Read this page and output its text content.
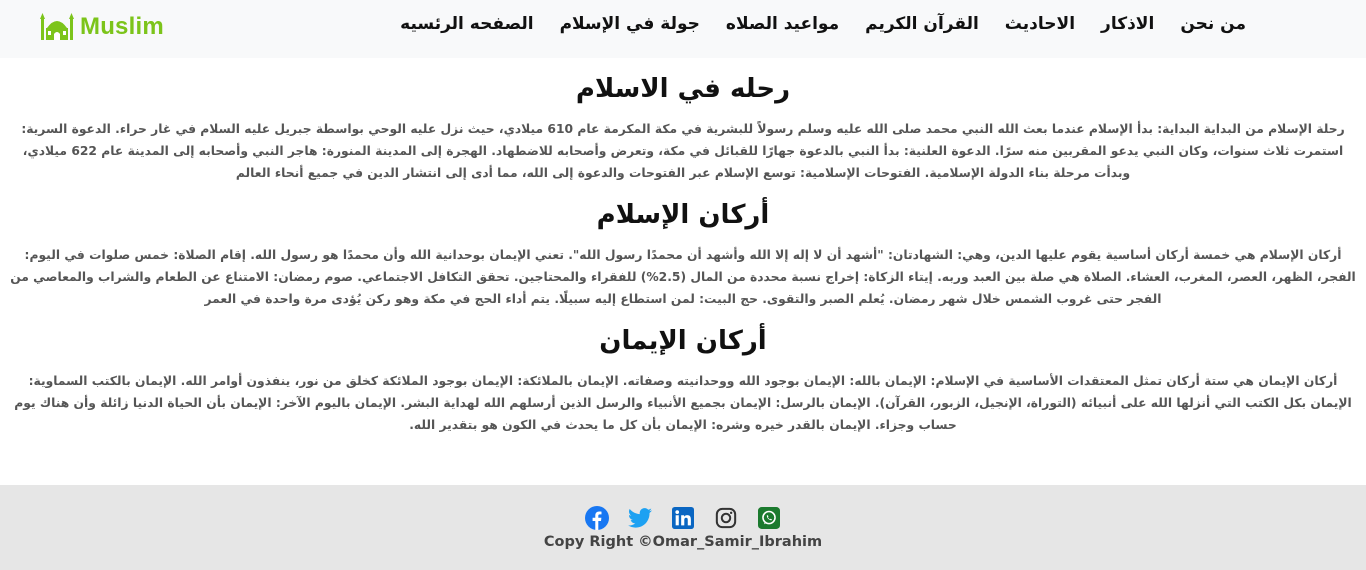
Muslim	من نحن
الاذكار
الاحاديث
القرآن الكريم
مواعيد الصلاه
جولة في الإسلام
الصفحه الرئسيه
رحله في الاسلام

رحلة الإسلام من البداية البداية: بدأ الإسلام عندما بعث الله النبي محمد صلى الله عليه وسلم رسولاً للبشرية في مكة المكرمة عام 610 ميلادي، حيث نزل عليه الوحي بواسطة جبريل عليه السلام في غار حراء. الدعوة السرية: استمرت ثلاث سنوات، وكان النبي يدعو المقربين منه سرًا. الدعوة العلنية: بدأ النبي بالدعوة جهارًا للقبائل في مكة، وتعرض وأصحابه للاضطهاد. الهجرة إلى المدينة المنورة: هاجر النبي وأصحابه إلى المدينة عام 622 ميلادي، وبدأت مرحلة بناء الدولة الإسلامية. الفتوحات الإسلامية: توسع الإسلام عبر الفتوحات والدعوة إلى الله، مما أدى إلى انتشار الدين في جميع أنحاء العالم

أركان الإسلام

أركان الإسلام هي خمسة أركان أساسية يقوم عليها الدين، وهي: الشهادتان: "أشهد أن لا إله إلا الله وأشهد أن محمدًا رسول الله". تعني الإيمان بوحدانية الله وأن محمدًا هو رسول الله. إقام الصلاة: خمس صلوات في اليوم: الفجر، الظهر، العصر، المغرب، العشاء. الصلاة هي صلة بين العبد وربه. إيتاء الزكاة: إخراج نسبة محددة من المال (2.5%) للفقراء والمحتاجين. تحقق التكافل الاجتماعي. صوم رمضان: الامتناع عن الطعام والشراب والمعاصي من الفجر حتى غروب الشمس خلال شهر رمضان. يُعلم الصبر والتقوى. حج البيت: لمن استطاع إليه سبيلًا. يتم أداء الحج في مكة وهو ركن يُؤدى مرة واحدة في العمر

أركان الإيمان

أركان الإيمان هي ستة أركان تمثل المعتقدات الأساسية في الإسلام: الإيمان بالله: الإيمان بوجود الله ووحدانيته وصفاته. الإيمان بالملائكة: الإيمان بوجود الملائكة كخلق من نور، ينفذون أوامر الله. الإيمان بالكتب السماوية: الإيمان بكل الكتب التي أنزلها الله على أنبيائه (التوراة، الإنجيل، الزبور، القرآن). الإيمان بالرسل: الإيمان بجميع الأنبياء والرسل الذين أرسلهم الله لهداية البشر. الإيمان باليوم الآخر: الإيمان بأن الحياة الدنيا زائلة وأن هناك يوم حساب وجزاء. الإيمان بالقدر خيره وشره: الإيمان بأن كل ما يحدث في الكون هو بتقدير الله.

Copy Right ©Omar_Samir_Ibrahim
